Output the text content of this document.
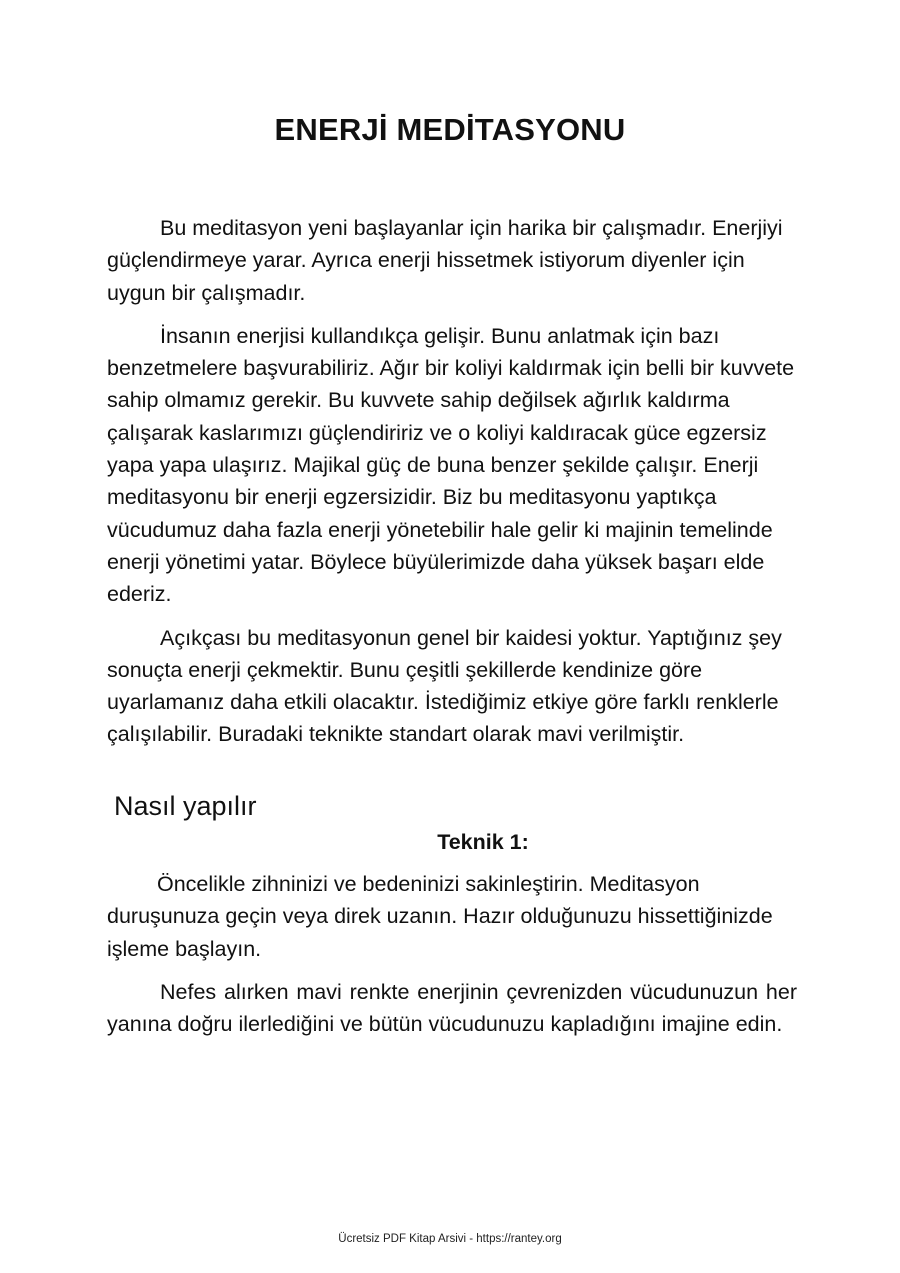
ENERJİ MEDİTASYONU

Bu meditasyon yeni başlayanlar için harika bir çalışmadır. Enerjiyi güçlendirmeye yarar. Ayrıca enerji hissetmek istiyorum diyenler için uygun bir çalışmadır.

İnsanın enerjisi kullandıkça gelişir. Bunu anlatmak için bazı benzetmelere başvurabiliriz. Ağır bir koliyi kaldırmak için belli bir kuvvete sahip olmamız gerekir. Bu kuvvete sahip değilsek ağırlık kaldırma çalışarak kaslarımızı güçlendiririz ve o koliyi kaldıracak güce egzersiz yapa yapa ulaşırız. Majikal güç de buna benzer şekilde çalışır. Enerji meditasyonu bir enerji egzersizidir. Biz bu meditasyonu yaptıkça vücudumuz daha fazla enerji yönetebilir hale gelir ki majinin temelinde enerji yönetimi yatar. Böylece büyülerimizde daha yüksek başarı elde ederiz.

Açıkçası bu meditasyonun genel bir kaidesi yoktur. Yaptığınız şey sonuçta enerji çekmektir. Bunu çeşitli şekillerde kendinize göre uyarlamanız daha etkili olacaktır. İstediğimiz etkiye göre farklı renklerle çalışılabilir. Buradaki teknikte standart olarak mavi verilmiştir.

Nasıl yapılır
Teknik 1:

Öncelikle zihninizi ve bedeninizi sakinleştirin. Meditasyon duruşunuza geçin veya direk uzanın. Hazır olduğunuzu hissettiğinizde işleme başlayın.

Nefes alırken mavi renkte enerjinin çevrenizden vücudunuzun her yanına doğru ilerlediğini ve bütün vücudunuzu kapladığını imajine edin.

Ücretsiz PDF Kitap Arsivi - https://rantey.org
